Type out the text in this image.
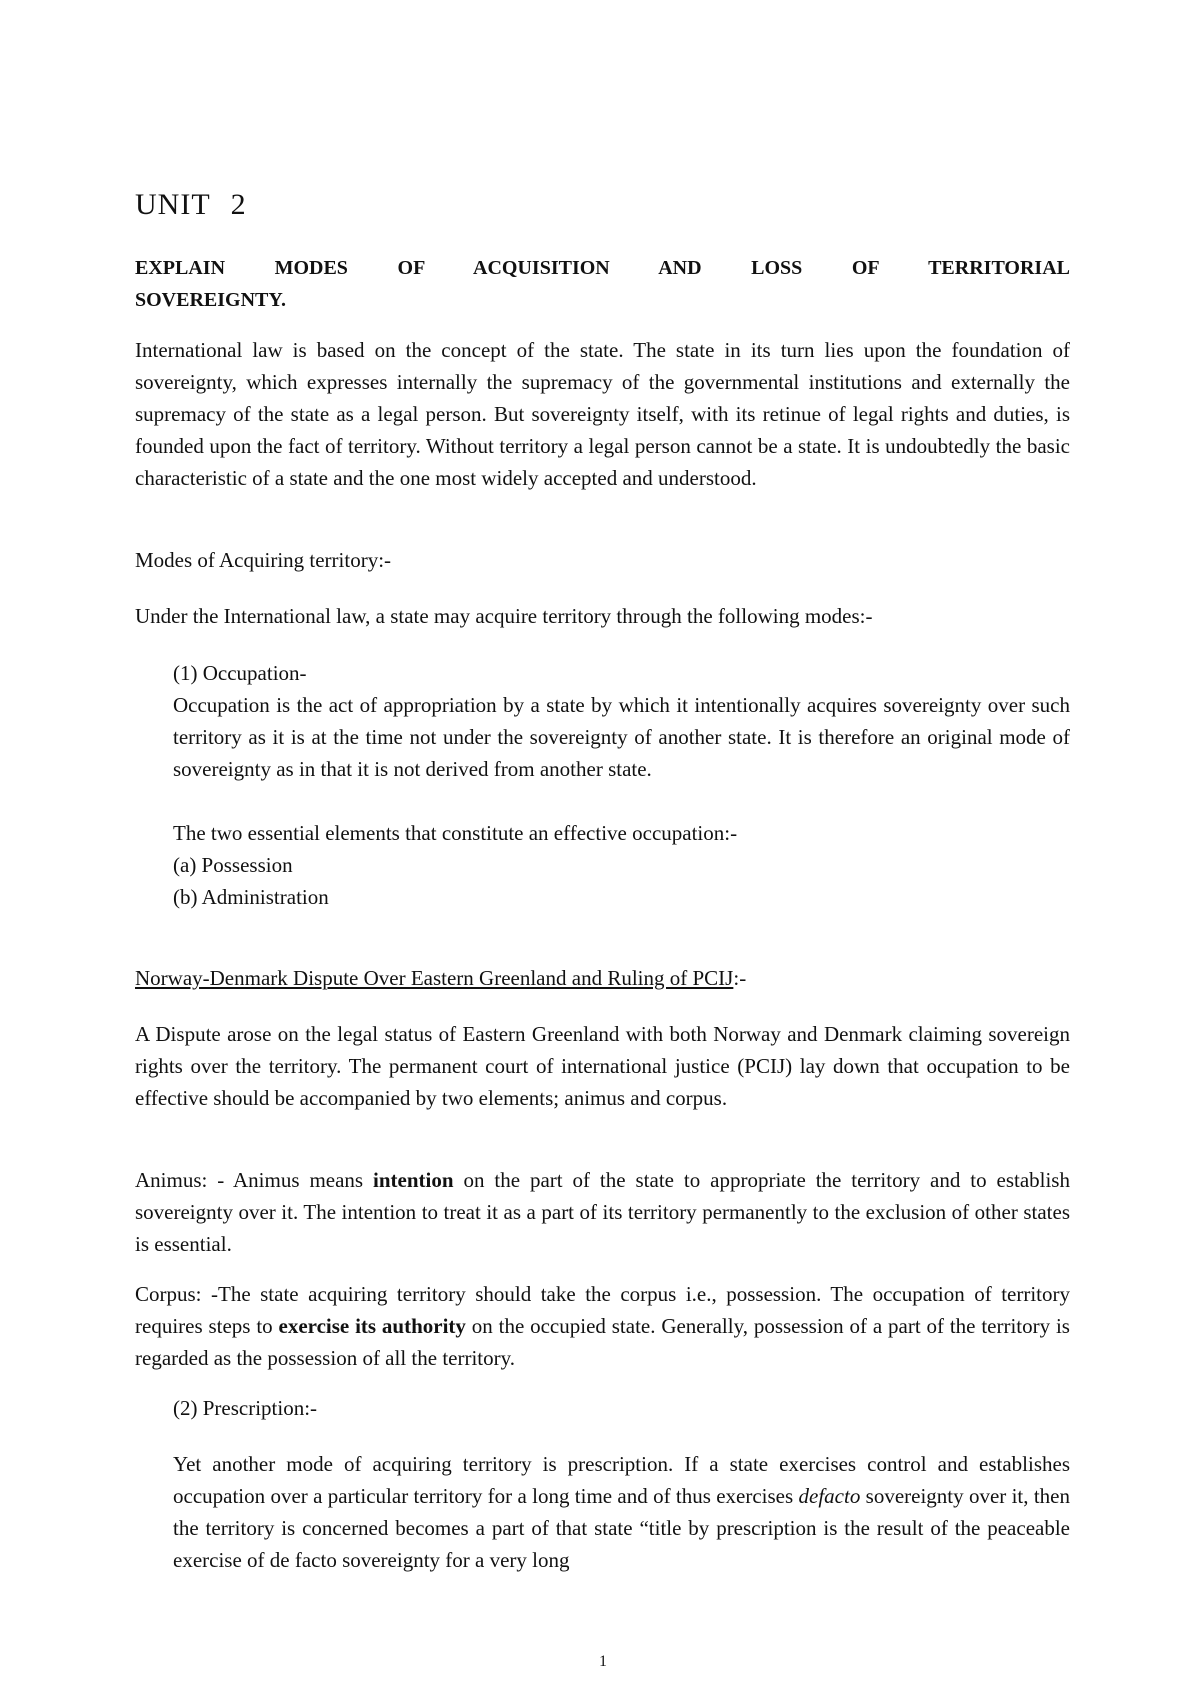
UNIT 2
EXPLAIN MODES OF ACQUISITION AND LOSS OF TERRITORIAL
SOVEREIGNTY.

International law is based on the concept of the state. The state in its turn lies upon the foundation of sovereignty, which expresses internally the supremacy of the governmental institutions and externally the supremacy of the state as a legal person. But sovereignty itself, with its retinue of legal rights and duties, is founded upon the fact of territory. Without territory a legal person cannot be a state. It is undoubtedly the basic characteristic of a state and the one most widely accepted and understood.

Modes of Acquiring territory:-

Under the International law, a state may acquire territory through the following modes:-

(1) Occupation-

Occupation is the act of appropriation by a state by which it intentionally acquires sovereignty over such territory as it is at the time not under the sovereignty of another state. It is therefore an original mode of sovereignty as in that it is not derived from another state.

The two essential elements that constitute an effective occupation:-

(a) Possession

(b) Administration

Norway-Denmark Dispute Over Eastern Greenland and Ruling of PCIJ:-

A Dispute arose on the legal status of Eastern Greenland with both Norway and Denmark claiming sovereign rights over the territory. The permanent court of international justice (PCIJ) lay down that occupation to be effective should be accompanied by two elements; animus and corpus.

Animus: - Animus means intention on the part of the state to appropriate the territory and to establish sovereignty over it. The intention to treat it as a part of its territory permanently to the exclusion of other states is essential.

Corpus: -The state acquiring territory should take the corpus i.e., possession. The occupation of territory requires steps to exercise its authority on the occupied state. Generally, possession of a part of the territory is regarded as the possession of all the territory.

(2) Prescription:-

Yet another mode of acquiring territory is prescription. If a state exercises control and establishes occupation over a particular territory for a long time and of thus exercises defacto sovereignty over it, then the territory is concerned becomes a part of that state “title by prescription is the result of the peaceable exercise of de facto sovereignty for a very long

1
